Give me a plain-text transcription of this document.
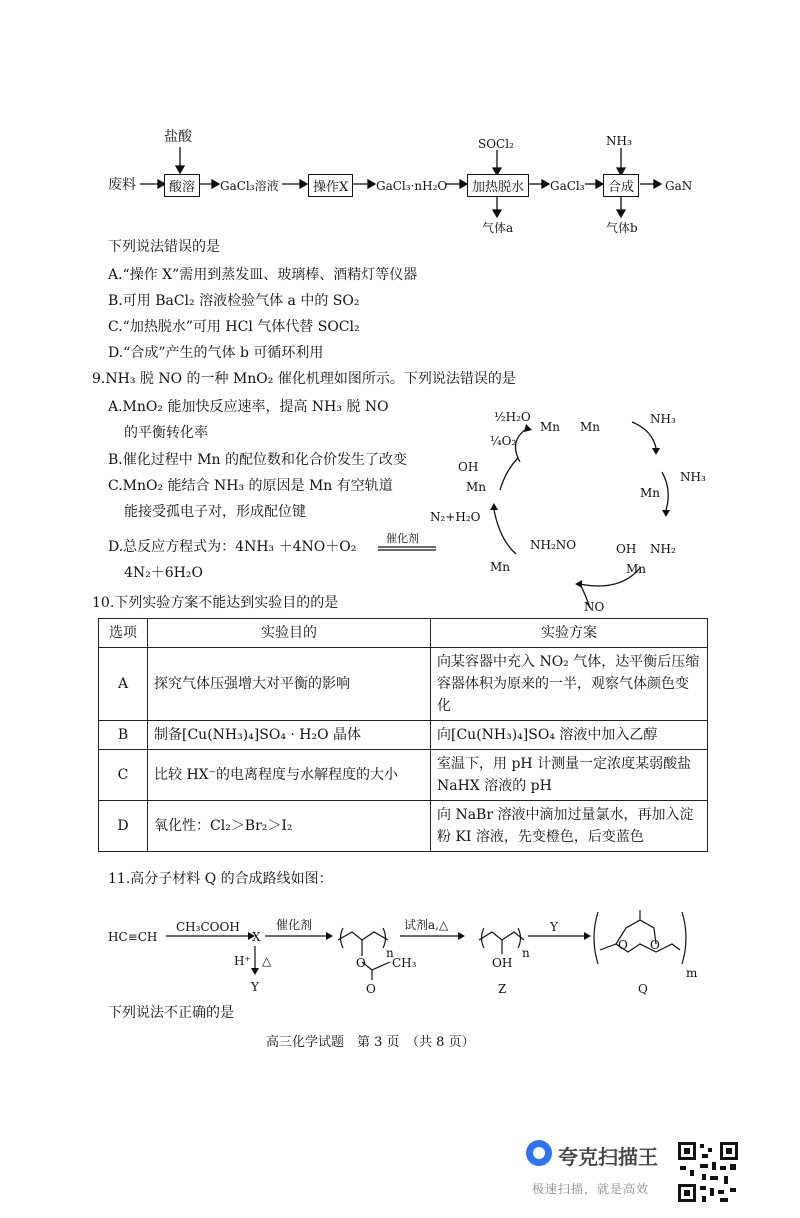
盐酸
废料	酸溶	GaCl₃溶液	操作X	GaCl₃·nH₂O
SOCl₂
加热脱水	GaCl₃
NH₃
合成	GaN
气体a	气体b
下列说法错误的是
A.“操作 X”需用到蒸发皿、玻璃棒、酒精灯等仪器
B.可用 BaCl₂ 溶液检验气体 a 中的 SO₂
C.“加热脱水”可用 HCl 气体代替 SOCl₂
D.“合成”产生的气体 b 可循环利用
9.NH₃ 脱 NO 的一种 MnO₂ 催化机理如图所示。下列说法错误的是
A.MnO₂ 能加快反应速率，提高 NH₃ 脱 NO
的平衡转化率
B.催化过程中 Mn 的配位数和化合价发生了改变
C.MnO₂ 能结合 NH₃ 的原因是 Mn 有空轨道
能接受孤电子对，形成配位键
D.总反应方程式为：4NH₃ ＋4NO＋O₂
催化剂
4N₂＋6H₂O
½H₂O
¼O₂
Mn Mn
NH₃
NH₃
Mn
OH
Mn
N₂+H₂O
NH₂NO
Mn
OH NH₂
Mn
NO
10.下列实验方案不能达到实验目的的是
选项	实验目的	实验方案
A	探究气体压强增大对平衡的影响	向某容器中充入 NO₂ 气体，达平衡后压缩容器体积为原来的一半，观察气体颜色变化
B	制备[Cu(NH₃)₄]SO₄ · H₂O 晶体	向[Cu(NH₃)₄]SO₄ 溶液中加入乙醇
C	比较 HX⁻的电离程度与水解程度的大小	室温下，用 pH 计测量一定浓度某弱酸盐 NaHX 溶液的 pH
D	氧化性：Cl₂＞Br₂＞I₂	向 NaBr 溶液中滴加过量氯水，再加入淀粉 KI 溶液，先变橙色，后变蓝色
11.高分子材料 Q 的合成路线如图：
HC≡CH
CH₃COOH
X
催化剂
H⁺ △
Y
n
O CH₃
O
试剂a,△
n
OH
Z
Y
O O
m
Q
下列说法不正确的是
高三化学试题　第 3 页　（共 8 页）
夸克扫描王
极速扫描，就是高效
